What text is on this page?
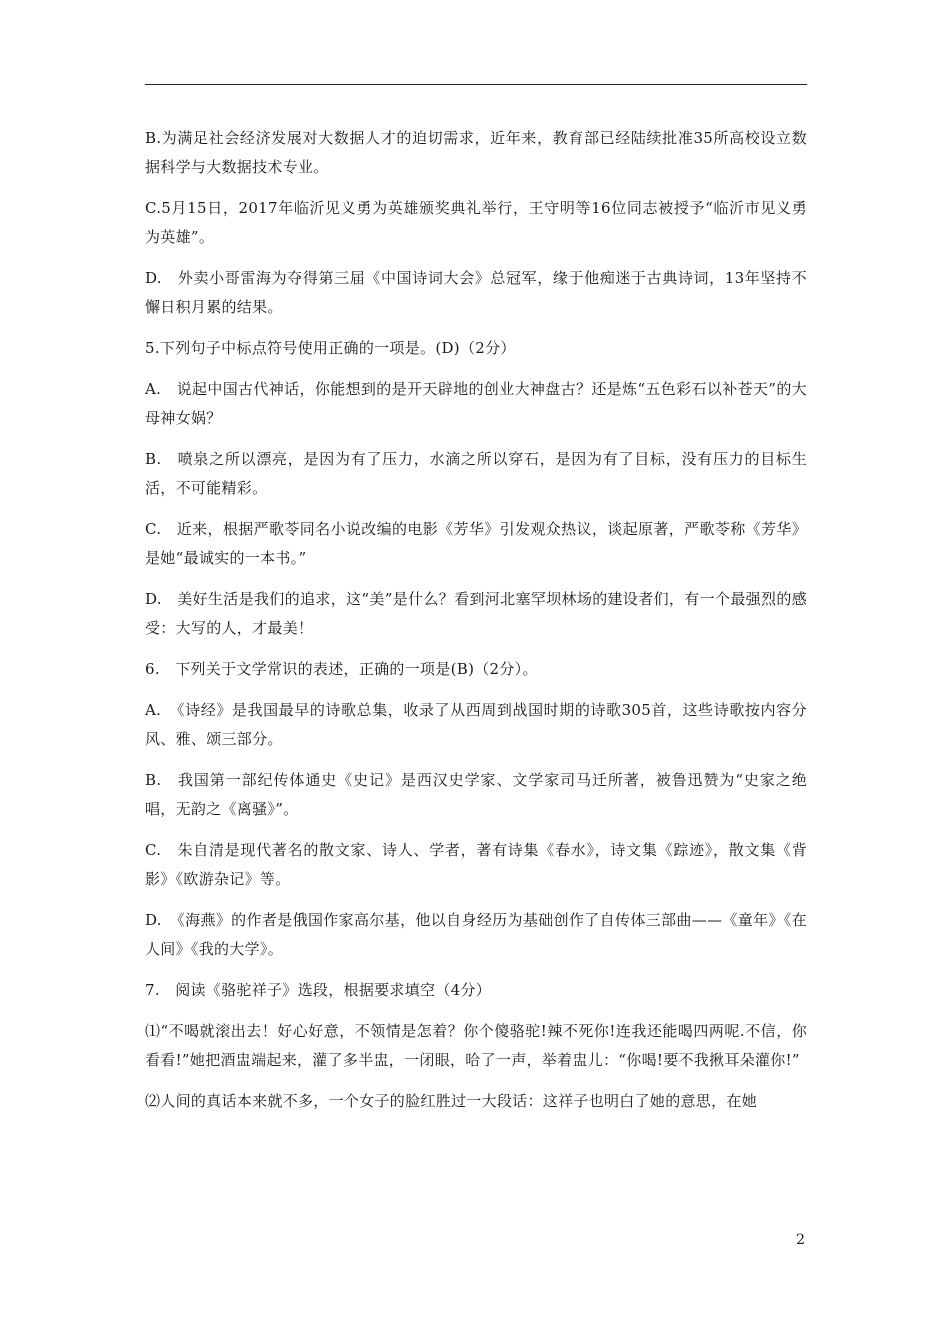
B.为满足社会经济发展对大数据人才的迫切需求，近年来，教育部已经陆续批准35所高校设立数据科学与大数据技术专业。

C.5月15日，2017年临沂见义勇为英雄颁奖典礼举行，王守明等16位同志被授予“临沂市见义勇为英雄”。

D.　外卖小哥雷海为夺得第三届《中国诗词大会》总冠军，缘于他痴迷于古典诗词，13年坚持不懈日积月累的结果。

5.下列句子中标点符号使用正确的一项是。(D)（2分）

A.　说起中国古代神话，你能想到的是开天辟地的创业大神盘古？还是炼“五色彩石以补苍天”的大母神女娲？

B.　喷泉之所以漂亮，是因为有了压力，水滴之所以穿石，是因为有了目标，没有压力的目标生活，不可能精彩。

C.　近来，根据严歌苓同名小说改编的电影《芳华》引发观众热议，谈起原著，严歌苓称《芳华》是她“最诚实的一本书。”

D.　美好生活是我们的追求，这“美”是什么？看到河北塞罕坝林场的建设者们，有一个最强烈的感受：大写的人，才最美！

6.　下列关于文学常识的表述，正确的一项是(B)（2分）。

A.　《诗经》是我国最早的诗歌总集，收录了从西周到战国时期的诗歌305首，这些诗歌按内容分风、雅、颂三部分。

B.　我国第一部纪传体通史《史记》是西汉史学家、文学家司马迁所著，被鲁迅赞为“史家之绝唱，无韵之《离骚》”。

C.　朱自清是现代著名的散文家、诗人、学者，著有诗集《春水》，诗文集《踪迹》，散文集《背影》《欧游杂记》等。

D.　《海燕》的作者是俄国作家高尔基，他以自身经历为基础创作了自传体三部曲——《童年》《在人间》《我的大学》。

7.　阅读《骆驼祥子》选段，根据要求填空（4分）

⑴“不喝就滚出去！好心好意，不领情是怎着？你个傻骆驼!辣不死你!连我还能喝四两呢.不信，你看看!”她把酒盅端起来，灌了多半盅，一闭眼，哈了一声，举着盅儿：“你喝!要不我揪耳朵灌你!”

⑵人间的真话本来就不多，一个女子的脸红胜过一大段话：这祥子也明白了她的意思，在她

2
